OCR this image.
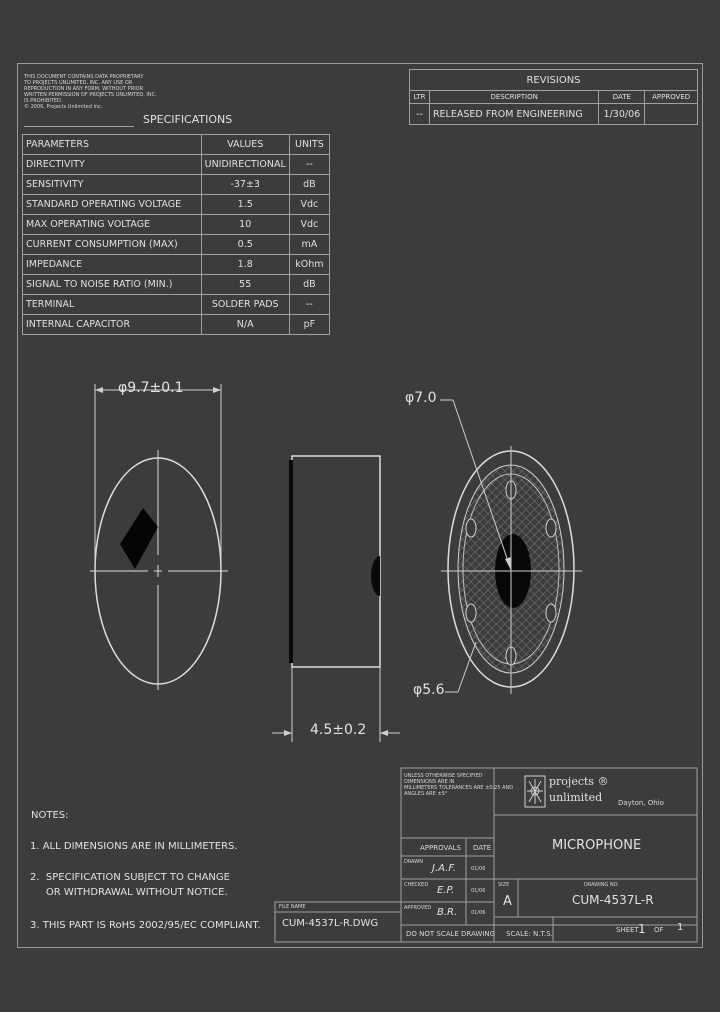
THIS DOCUMENT CONTAINS DATA PROPRIETARY
TO PROJECTS UNLIMITED, INC. ANY USE OR
REPRODUCTION IN ANY FORM, WITHOUT PRIOR
WRITTEN PERMISSION OF PROJECTS UNLIMITED, INC.
IS PROHIBITED.
© 2006, Projects Unlimited Inc.
SPECIFICATIONS
PARAMETERS	VALUES	UNITS
DIRECTIVITY	UNIDIRECTIONAL	--
SENSITIVITY	-37±3	dB
STANDARD OPERATING VOLTAGE	1.5	Vdc
MAX OPERATING VOLTAGE	10	Vdc
CURRENT CONSUMPTION (MAX)	0.5	mA
IMPEDANCE	1.8	kOhm
SIGNAL TO NOISE RATIO (MIN.)	55	dB
TERMINAL	SOLDER PADS	--
INTERNAL CAPACITOR	N/A	pF
REVISIONS			
LTR	DESCRIPTION	DATE	APPROVED
--	RELEASED FROM ENGINEERING	1/30/06	
φ9.7±0.1
4.5±0.2
φ7.0
φ5.6
NOTES:
1. ALL DIMENSIONS ARE IN MILLIMETERS.
2.  SPECIFICATION SUBJECT TO CHANGE
OR WITHDRAWAL WITHOUT NOTICE.
3. THIS PART IS RoHS 2002/95/EC COMPLIANT.
UNLESS OTHERWISE SPECIFIED
DIMENSIONS ARE IN
MILLIMETERS TOLERANCES ARE ±0.25 AND
ANGLES ARE ±5°
APPROVALS DATE
DRAWN
J.A.F.	01/06
CHECKED E.P.	01/06
APPROVED B.R.	01/06
projects ®
unlimited Dayton, Ohio
MICROPHONE
SIZE
A
DRAWING NO.
CUM-4537L-R
FILE NAME
CUM-4537L-R.DWG
DO NOT SCALE DRAWING SCALE: N.T.S.	SHEET 1 OF 1
